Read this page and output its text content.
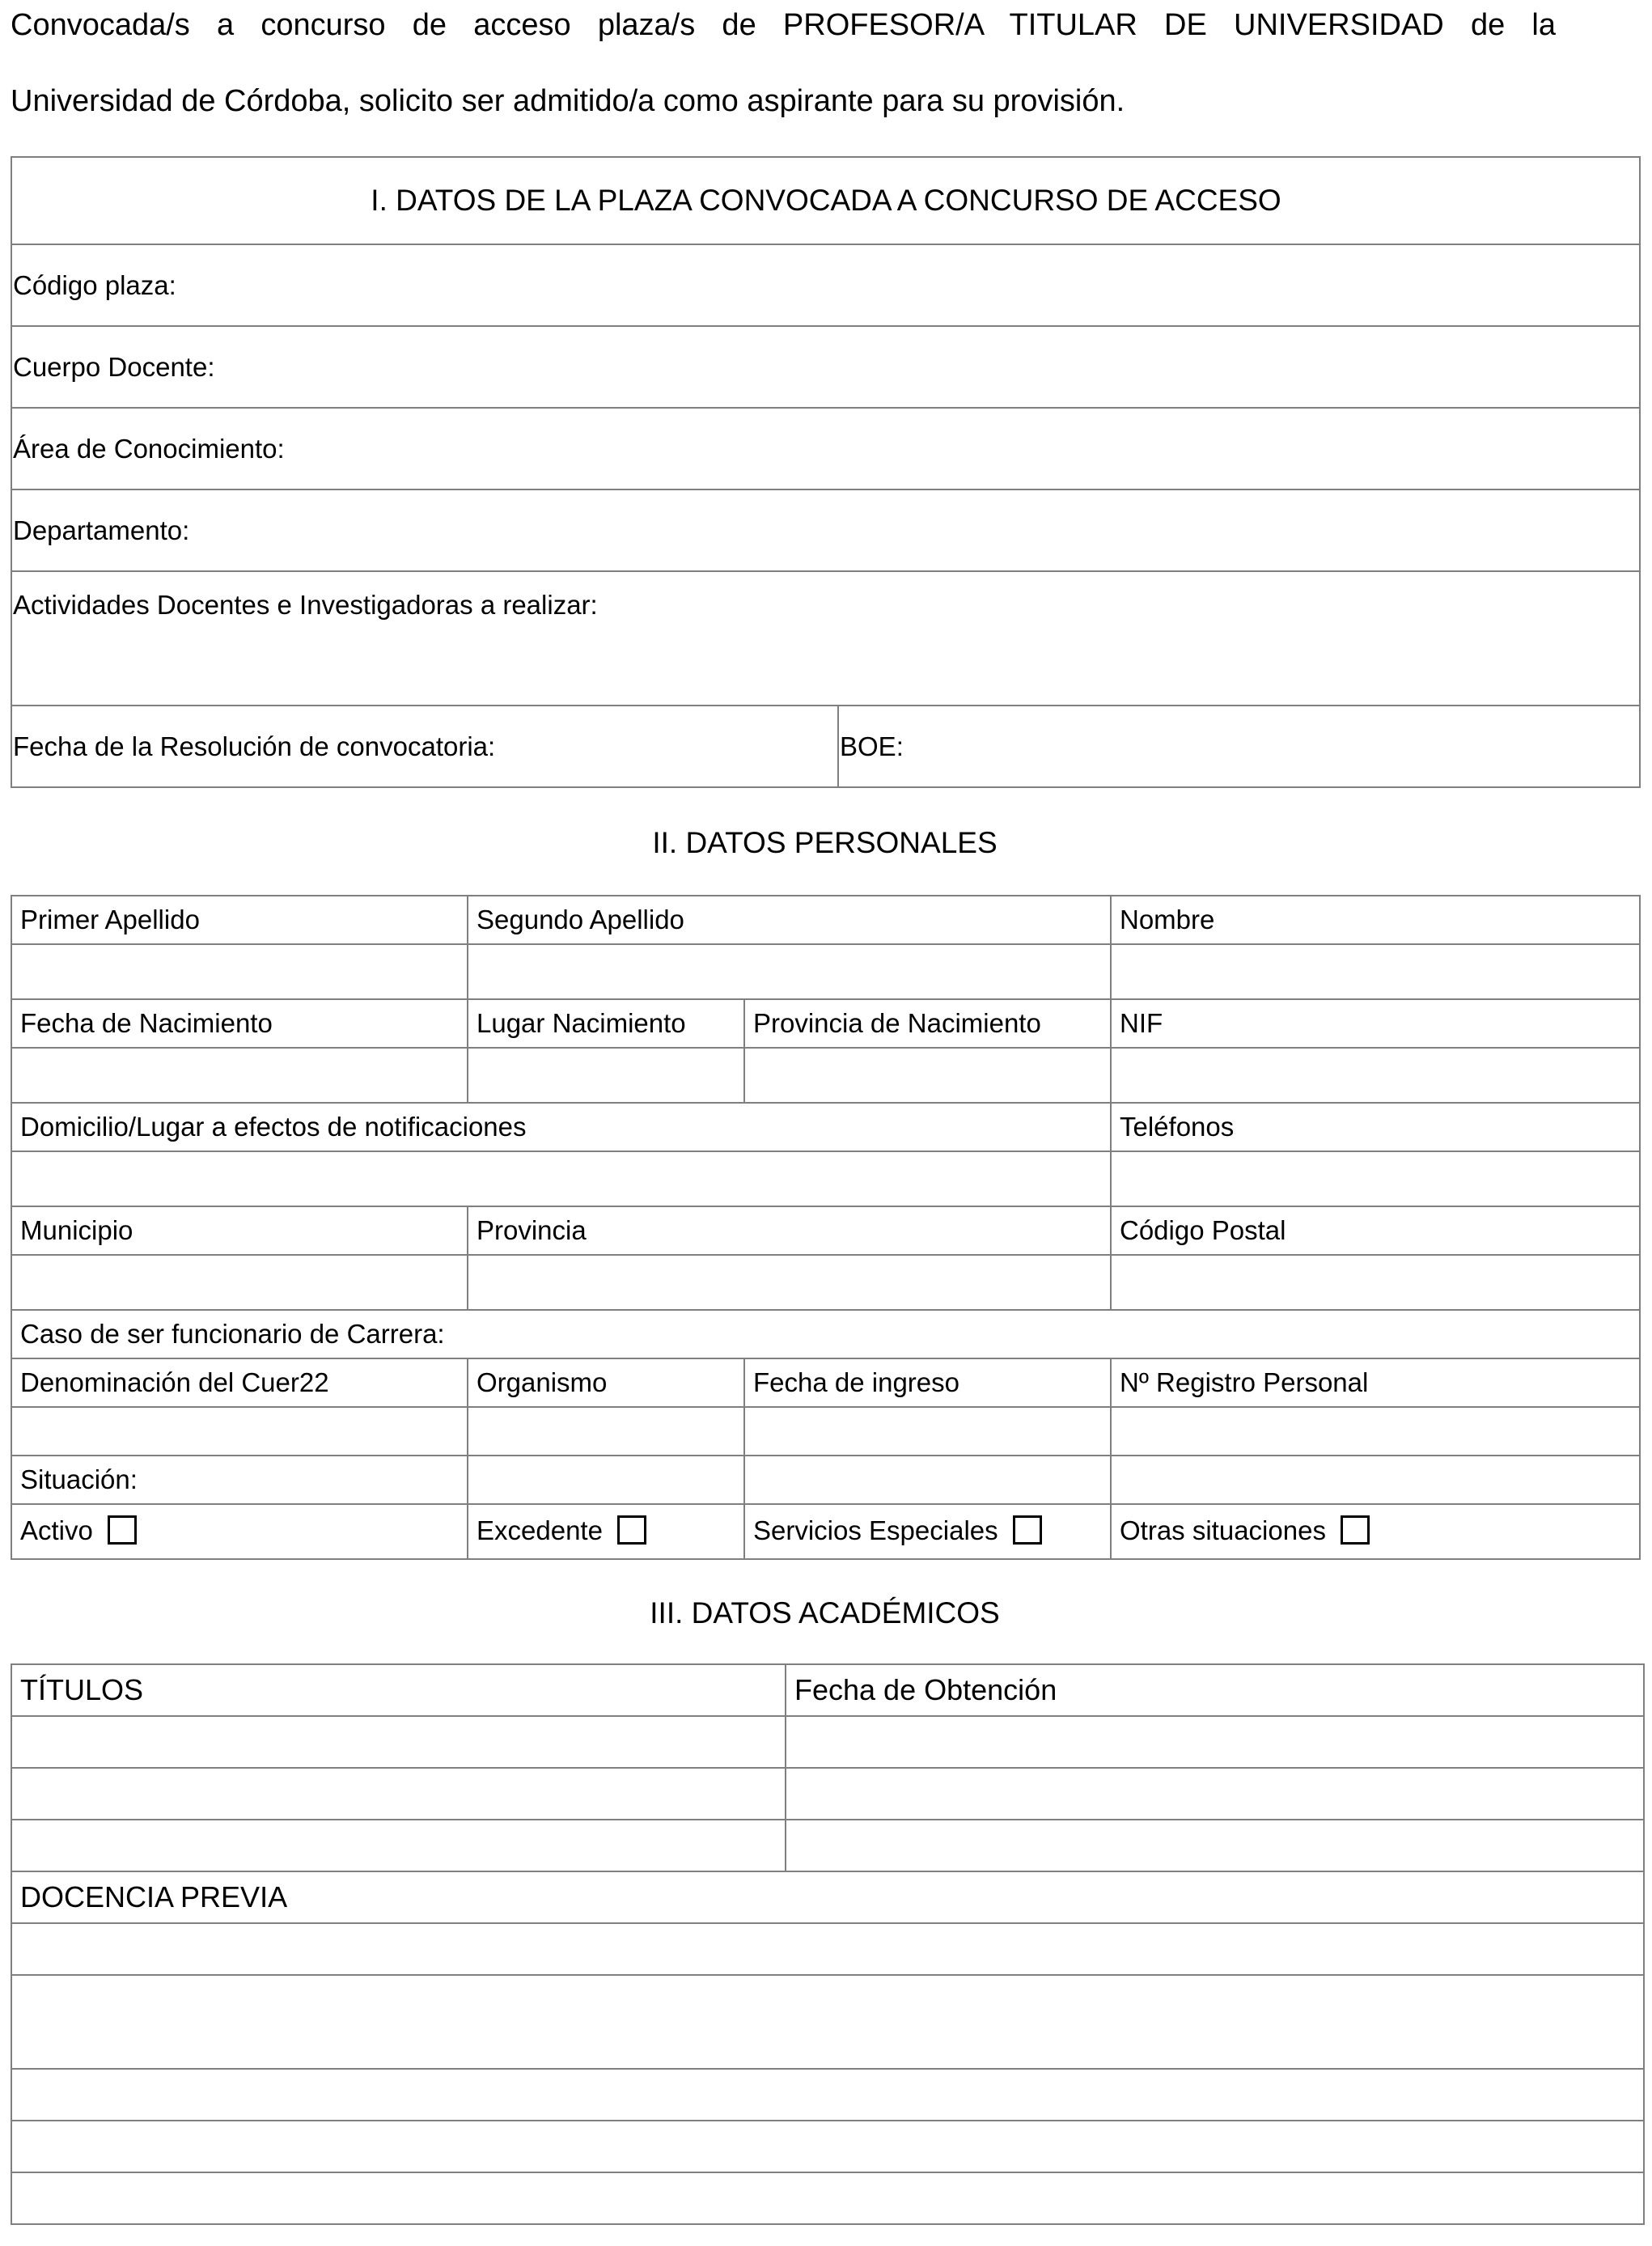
Convocada/s a concurso de acceso plaza/s de PROFESOR/A TITULAR DE UNIVERSIDAD de la
Universidad de Córdoba, solicito ser admitido/a como aspirante para su provisión.
I. DATOS DE LA PLAZA CONVOCADA A CONCURSO DE ACCESO
Código plaza:
Cuerpo Docente:
Área de Conocimiento:
Departamento:
Actividades Docentes e Investigadoras a realizar:
Fecha de la Resolución de convocatoria:	BOE:
II. DATOS PERSONALES
Primer Apellido	Segundo Apellido		Nombre

Fecha de Nacimiento	Lugar Nacimiento	Provincia de Nacimiento	NIF

Domicilio/Lugar a efectos de notificaciones			Teléfonos

Municipio	Provincia		Código Postal

Caso de ser funcionario de Carrera:			
Denominación del Cuer22	Organismo	Fecha de ingreso	Nº Registro Personal

Situación:			
Activo	Excedente	Servicios Especiales	Otras situaciones
III. DATOS ACADÉMICOS
TÍTULOS	Fecha de Obtención

DOCENCIA PREVIA	
